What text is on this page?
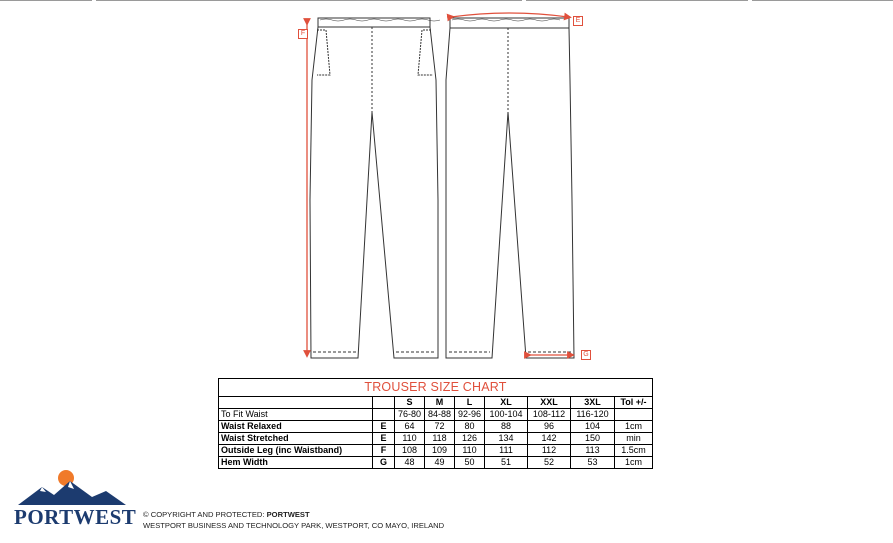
F
E
G
TROUSER SIZE CHART								
		S	M	L	XL	XXL	3XL	Tol +/-
To Fit Waist		76-80	84-88	92-96	100-104	108-112	116-120	
Waist Relaxed	E	64	72	80	88	96	104	1cm
Waist Stretched	E	110	118	126	134	142	150	min
Outside Leg (inc Waistband)	F	108	109	110	111	112	113	1.5cm
Hem Width	G	48	49	50	51	52	53	1cm
PORTWEST © COPYRIGHT AND PROTECTED: PORTWEST
WESTPORT BUSINESS AND TECHNOLOGY PARK, WESTPORT, CO MAYO, IRELAND
